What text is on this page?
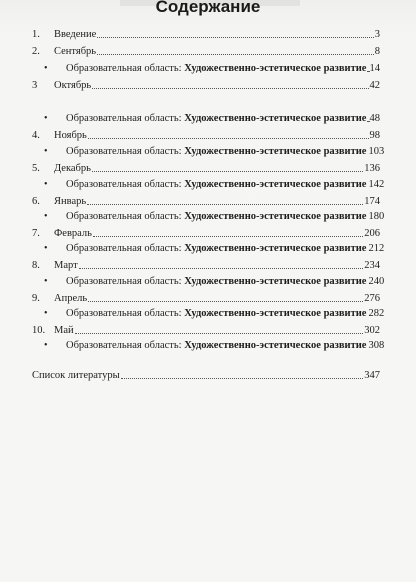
Содержание
1.	Введение	3
2.	Сентябрь	8
•	Образовательная область: Художественно-эстетическое развитие 14
3	Октябрь	42
•	Образовательная область: Художественно-эстетическое развитие 48
4.	Ноябрь	98
•	Образовательная область: Художественно-эстетическое развитие 103
5.	Декабрь	136
•	Образовательная область: Художественно-эстетическое развитие 142
6.	Январь	174
•	Образовательная область: Художественно-эстетическое развитие 180
7.	Февраль	206
•	Образовательная область: Художественно-эстетическое развитие 212
8.	Март	234
•	Образовательная область: Художественно-эстетическое развитие 240
9.	Апрель	276
•	Образовательная область: Художественно-эстетическое развитие 282
10. Май	302
•	Образовательная область: Художественно-эстетическое развитие 308
Список литературы	347
